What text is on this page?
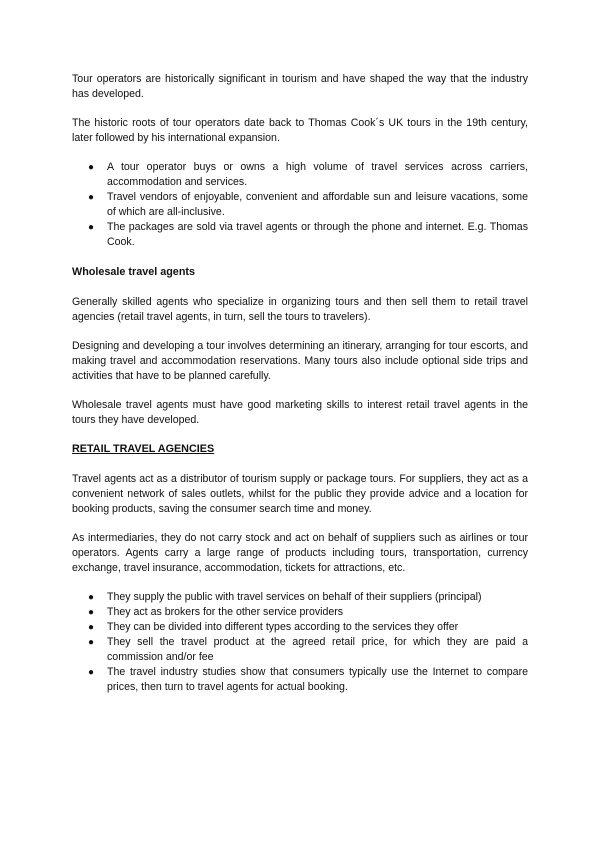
Tour operators are historically significant in tourism and have shaped the way that the industry has developed.

The historic roots of tour operators date back to Thomas Cook´s UK tours in the 19th century, later followed by his international expansion.

● A tour operator buys or owns a high volume of travel services across carriers, accommodation and services.
● Travel vendors of enjoyable, convenient and affordable sun and leisure vacations, some of which are all-inclusive.
● The packages are sold via travel agents or through the phone and internet. E.g. Thomas Cook.
Wholesale travel agents

Generally skilled agents who specialize in organizing tours and then sell them to retail travel agencies (retail travel agents, in turn, sell the tours to travelers).

Designing and developing a tour involves determining an itinerary, arranging for tour escorts, and making travel and accommodation reservations. Many tours also include optional side trips and activities that have to be planned carefully.

Wholesale travel agents must have good marketing skills to interest retail travel agents in the tours they have developed.

RETAIL TRAVEL AGENCIES

Travel agents act as a distributor of tourism supply or package tours. For suppliers, they act as a convenient network of sales outlets, whilst for the public they provide advice and a location for booking products, saving the consumer search time and money.

As intermediaries, they do not carry stock and act on behalf of suppliers such as airlines or tour operators. Agents carry a large range of products including tours, transportation, currency exchange, travel insurance, accommodation, tickets for attractions, etc.

● They supply the public with travel services on behalf of their suppliers (principal)
● They act as brokers for the other service providers
● They can be divided into different types according to the services they offer
● They sell the travel product at the agreed retail price, for which they are paid a commission and/or fee
● The travel industry studies show that consumers typically use the Internet to compare prices, then turn to travel agents for actual booking.
